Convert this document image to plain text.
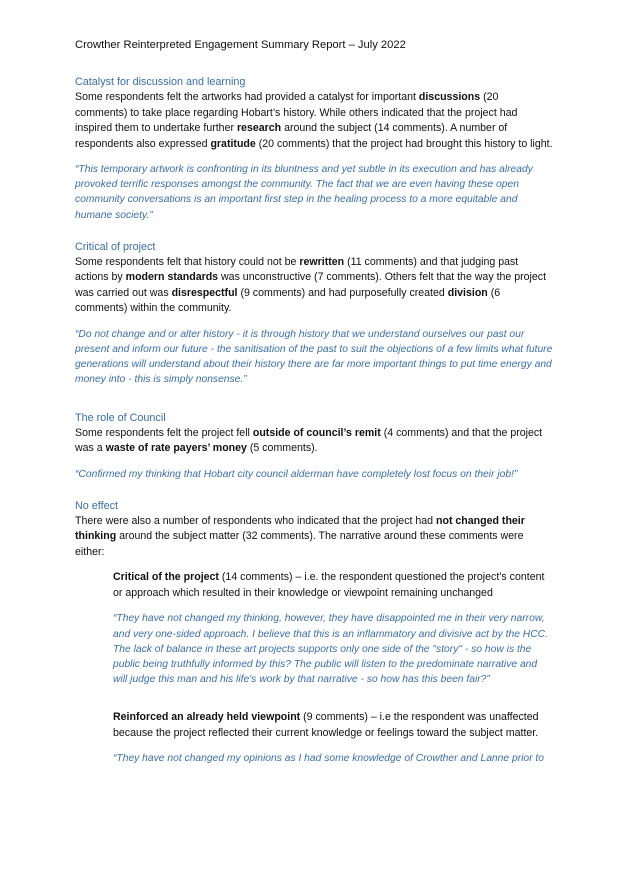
Crowther Reinterpreted Engagement Summary Report – July 2022
Catalyst for discussion and learning

Some respondents felt the artworks had provided a catalyst for important discussions (20 comments) to take place regarding Hobart’s history. While others indicated that the project had inspired them to undertake further research around the subject (14 comments). A number of respondents also expressed gratitude (20 comments) that the project had brought this history to light.

“This temporary artwork is confronting in its bluntness and yet subtle in its execution and has already provoked terrific responses amongst the community. The fact that we are even having these open community conversations is an important first step in the healing process to a more equitable and humane society.”

Critical of project

Some respondents felt that history could not be rewritten (11 comments) and that judging past actions by modern standards was unconstructive (7 comments). Others felt that the way the project was carried out was disrespectful (9 comments) and had purposefully created division (6 comments) within the community.

“Do not change and or alter history - it is through history that we understand ourselves our past our present and inform our future - the sanitisation of the past to suit the objections of a few limits what future generations will understand about their history there are far more important things to put time energy and money into - this is simply nonsense.”

The role of Council

Some respondents felt the project fell outside of council’s remit (4 comments) and that the project was a waste of rate payers’ money (5 comments).

“Confirmed my thinking that Hobart city council alderman have completely lost focus on their job!”

No effect

There were also a number of respondents who indicated that the project had not changed their thinking around the subject matter (32 comments). The narrative around these comments were either:

Critical of the project (14 comments) – i.e. the respondent questioned the project’s content or approach which resulted in their knowledge or viewpoint remaining unchanged

“They have not changed my thinking, however, they have disappointed me in their very narrow, and very one-sided approach. I believe that this is an inflammatory and divisive act by the HCC. The lack of balance in these art projects supports only one side of the "story" - so how is the public being truthfully informed by this? The public will listen to the predominate narrative and will judge this man and his life's work by that narrative - so how has this been fair?”

Reinforced an already held viewpoint (9 comments) – i.e the respondent was unaffected because the project reflected their current knowledge or feelings toward the subject matter.

“They have not changed my opinions as I had some knowledge of Crowther and Lanne prior to
